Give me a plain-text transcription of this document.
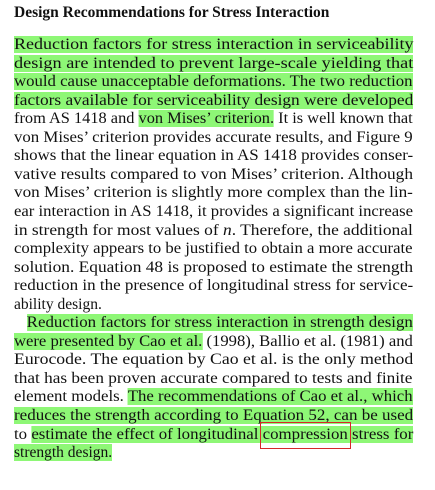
Design Recommendations for Stress Interaction
Reduction factors for stress interaction in serviceability
design are intended to prevent large-scale yielding that
would cause unacceptable deformations. The two reduction
factors available for serviceability design were developed
from AS 1418 and von Mises’ criterion. It is well known that
von Mises’ criterion provides accurate results, and Figure 9
shows that the linear equation in AS 1418 provides conser-
vative results compared to von Mises’ criterion. Although
von Mises’ criterion is slightly more complex than the lin-
ear interaction in AS 1418, it provides a significant increase
in strength for most values of n. Therefore, the additional
complexity appears to be justified to obtain a more accurate
solution. Equation 48 is proposed to estimate the strength
reduction in the presence of longitudinal stress for service-
ability design.
Reduction factors for stress interaction in strength design
were presented by Cao et al. (1998), Ballio et al. (1981) and
Eurocode. The equation by Cao et al. is the only method
that has been proven accurate compared to tests and finite
element models. The recommendations of Cao et al., which
reduces the strength according to Equation 52, can be used
to estimate the effect of longitudinal compression stress for
strength design.
